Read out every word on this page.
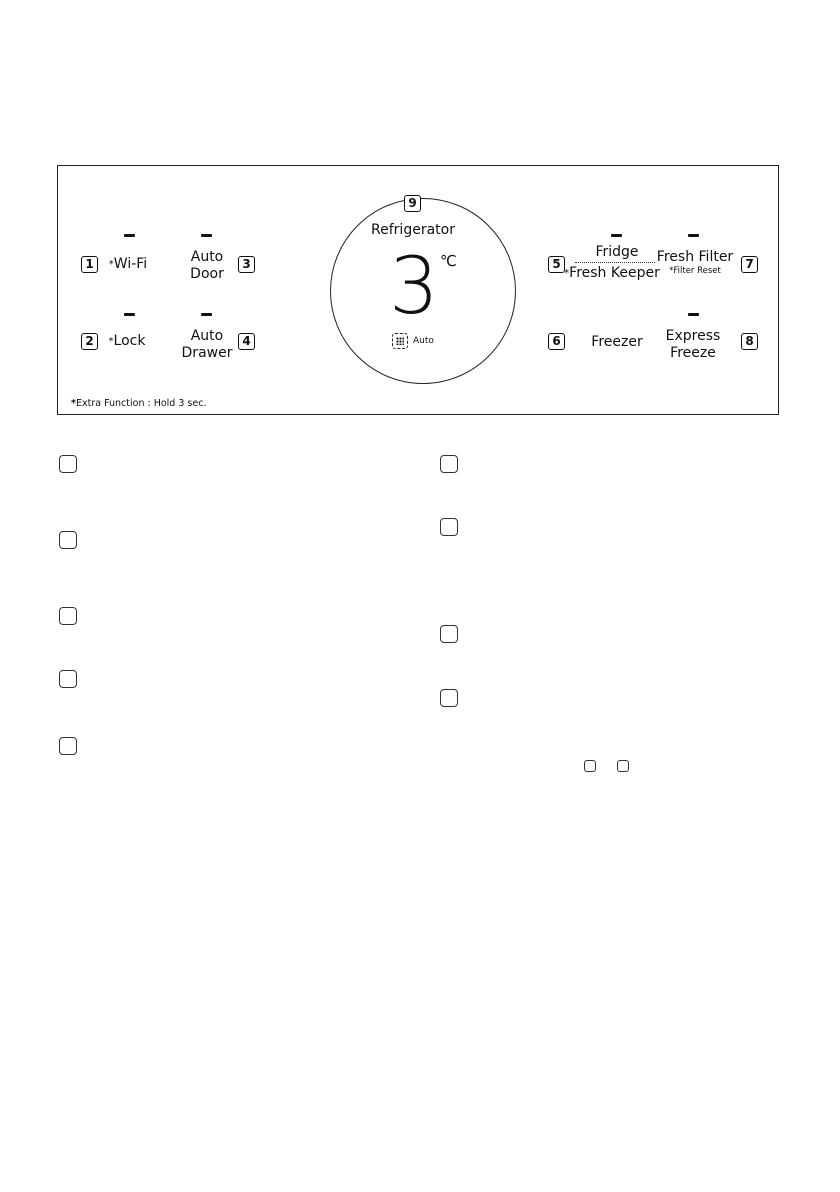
1	*Wi-Fi	Auto
Door
3
2	*Lock	Auto
Drawer
4
9
Refrigerator
3 ℃
Auto
5
Fridge
*Fresh Keeper
Fresh Filter
*Filter Reset	7
6	Freezer Express
Freeze
8
*Extra Function : Hold 3 sec.
